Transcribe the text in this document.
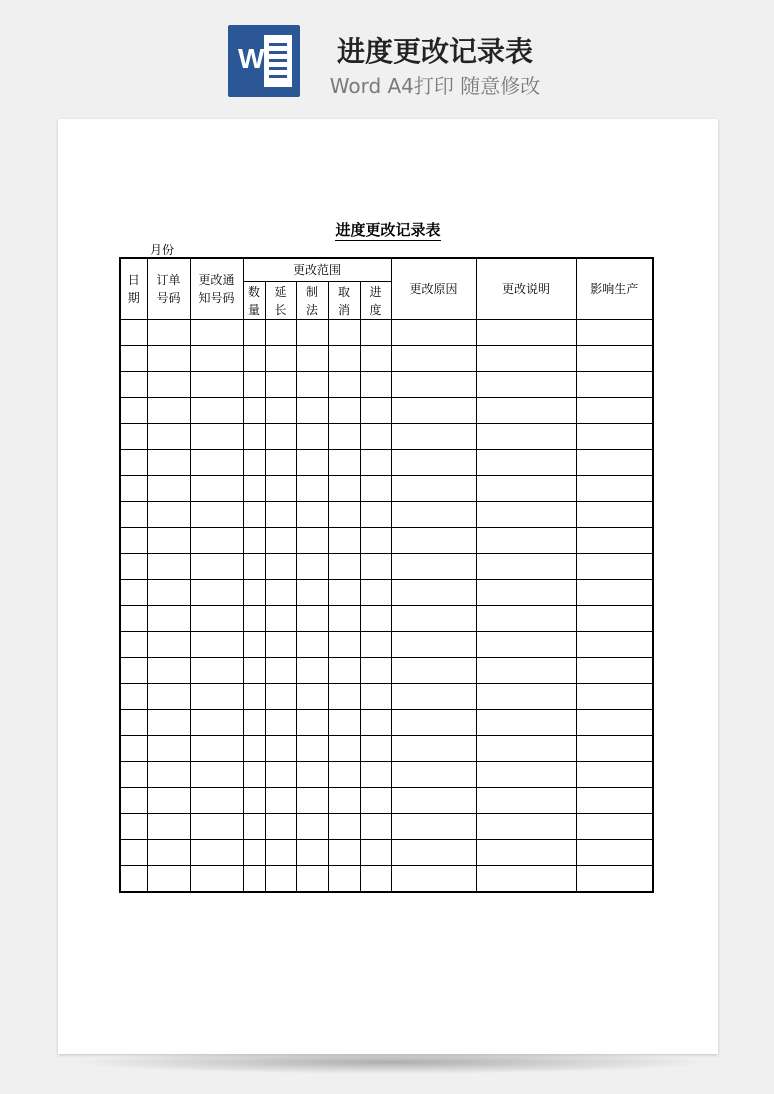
W	进度更改记录表
Word A4打印 随意修改
进度更改记录表
月份
日期	订单号码	更改通知号码	更改范围					更改原因	更改说明	影响生产

			数量	延长	制法	取消	进度			
